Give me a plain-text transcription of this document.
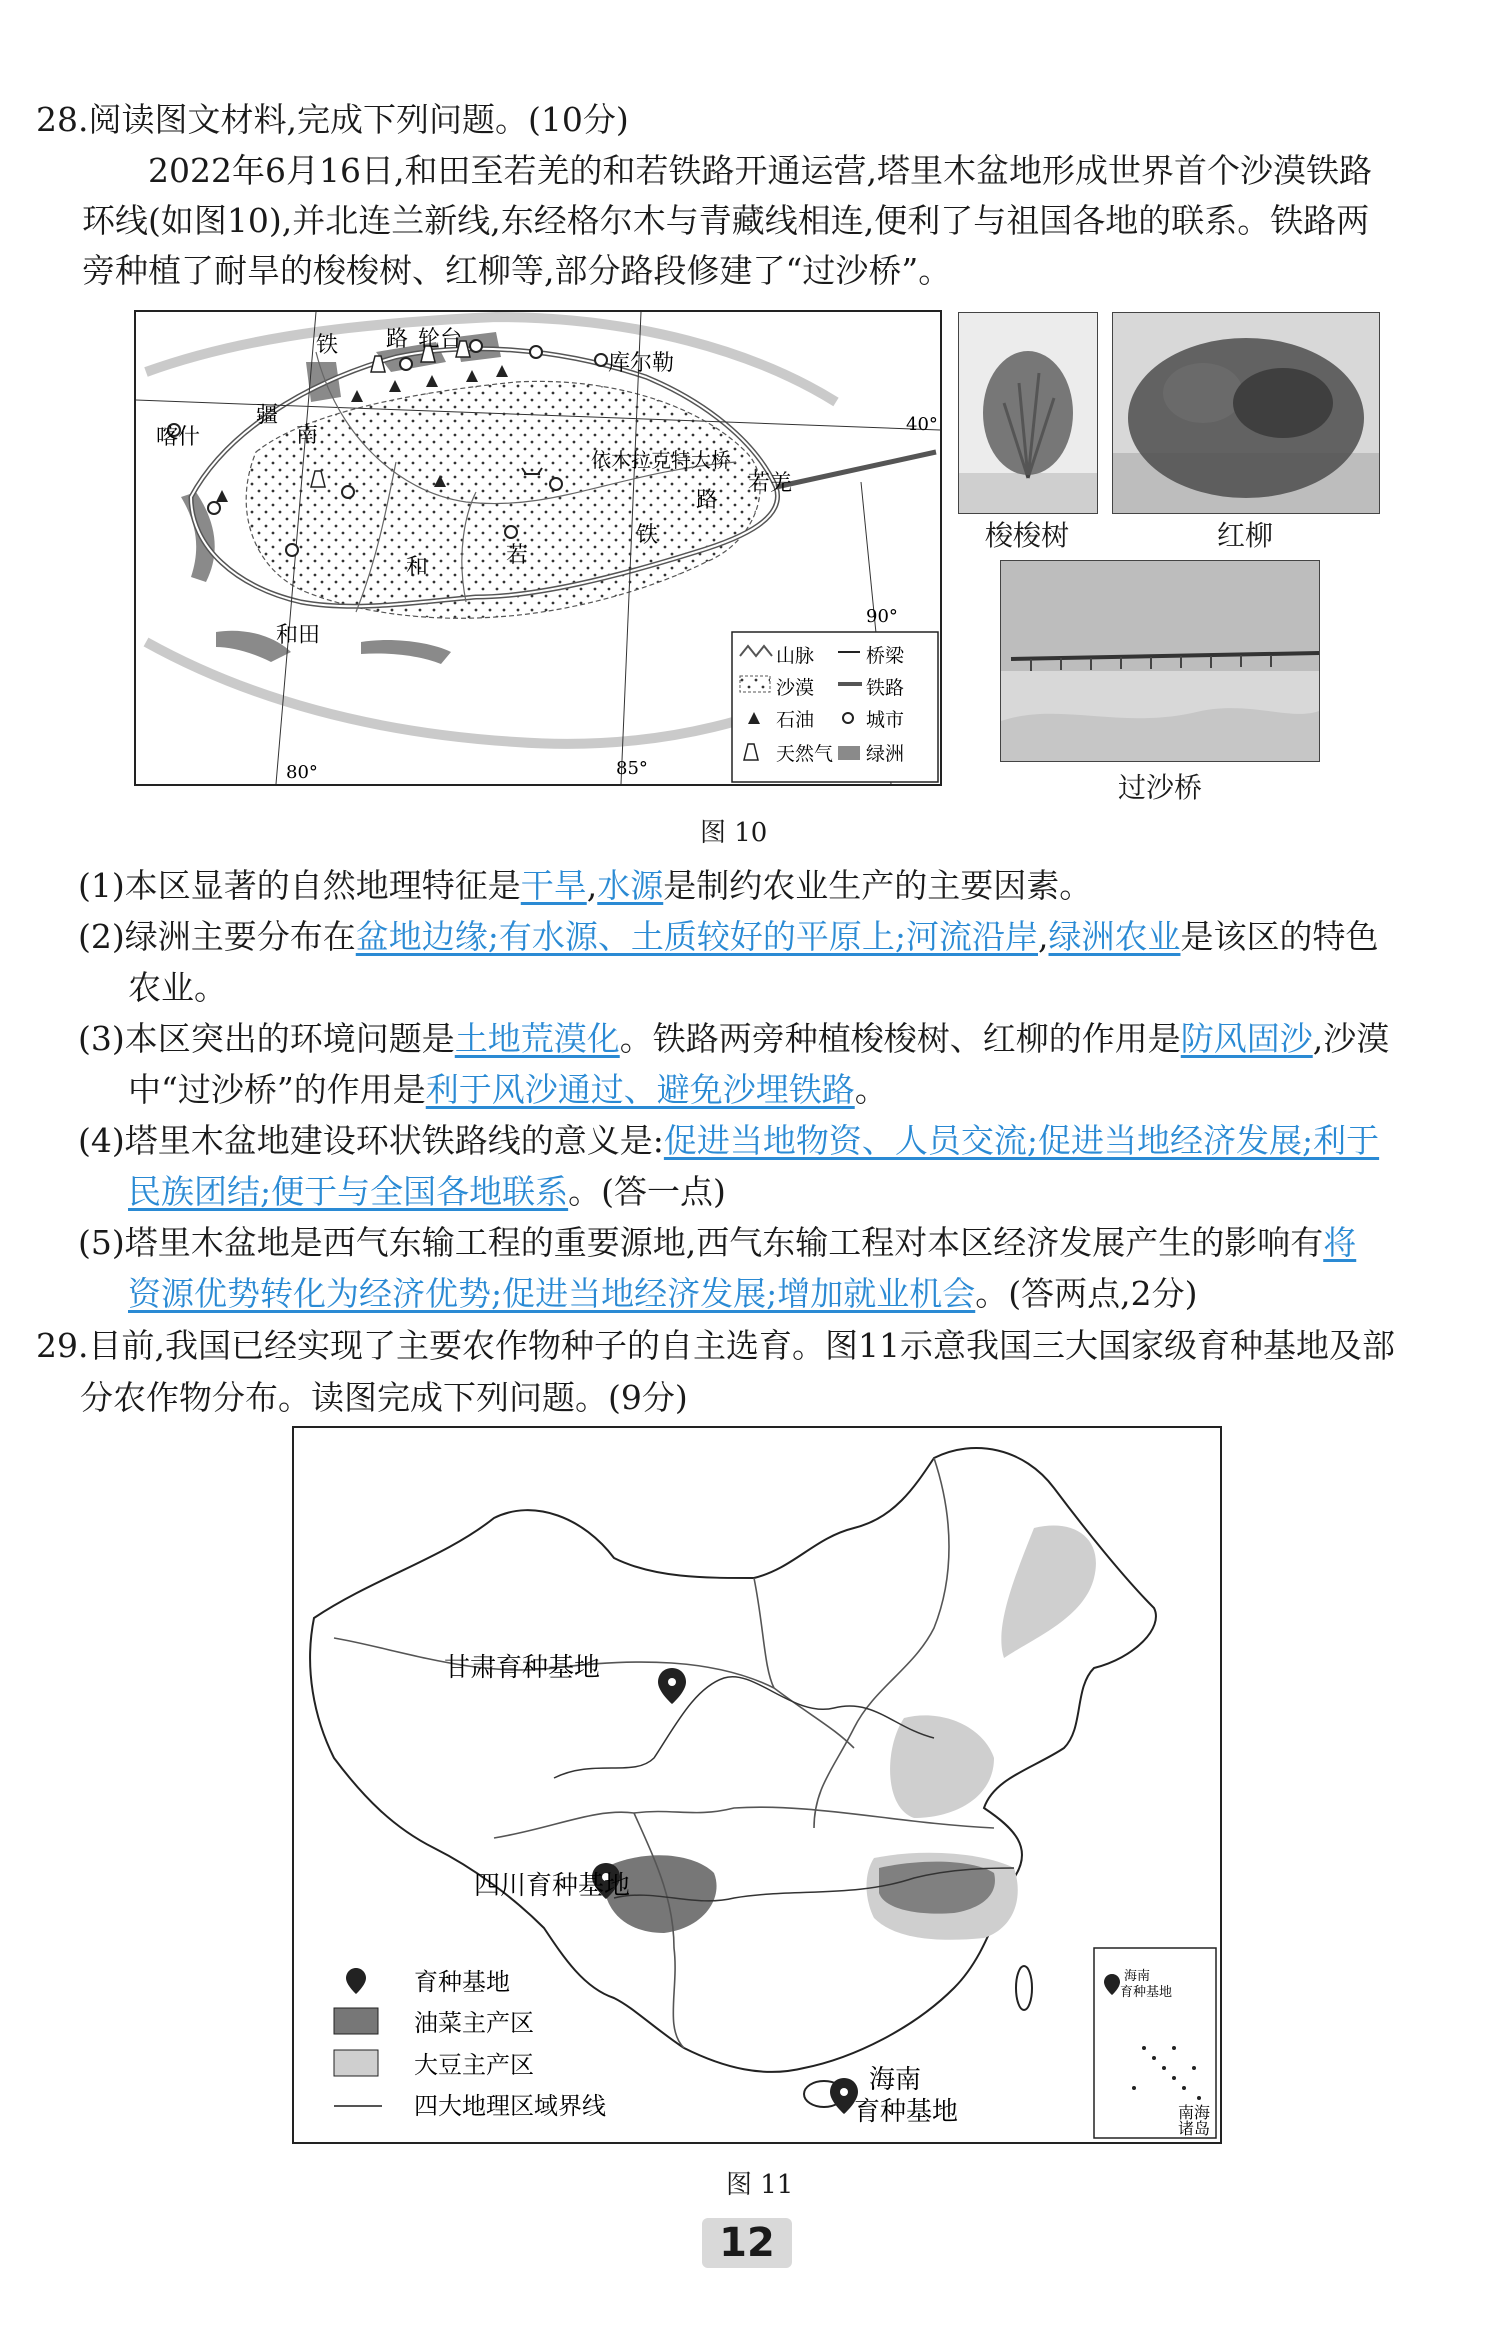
28.阅读图文材料,完成下列问题。(10分)
2022年6月16日,和田至若羌的和若铁路开通运营,塔里木盆地形成世界首个沙漠铁路
环线(如图10),并北连兰新线,东经格尔木与青藏线相连,便利了与祖国各地的联系。铁路两
旁种植了耐旱的梭梭树、红柳等,部分路段修建了“过沙桥”。
轮台
库尔勒
喀什
若羌
和田
铁 路
疆
南
路
铁
若
和
依木拉克特大桥
40°
80°	85°
90°
山脉	桥梁
沙漠	铁路
石油	城市
天然气 绿洲
梭梭树	红柳
过沙桥
图 10
(1)本区显著的自然地理特征是干旱,水源是制约农业生产的主要因素。
(2)绿洲主要分布在盆地边缘;有水源、土质较好的平原上;河流沿岸,绿洲农业是该区的特色
农业。
(3)本区突出的环境问题是土地荒漠化。铁路两旁种植梭梭树、红柳的作用是防风固沙,沙漠
中“过沙桥”的作用是利于风沙通过、避免沙埋铁路。
(4)塔里木盆地建设环状铁路线的意义是:促进当地物资、人员交流;促进当地经济发展;利于
民族团结;便于与全国各地联系。(答一点)
(5)塔里木盆地是西气东输工程的重要源地,西气东输工程对本区经济发展产生的影响有将
资源优势转化为经济优势;促进当地经济发展;增加就业机会。(答两点,2分)
29.目前,我国已经实现了主要农作物种子的自主选育。图11示意我国三大国家级育种基地及部
分农作物分布。读图完成下列问题。(9分)
甘肃育种基地
四川育种基地
海南
育种基地
育种基地
油菜主产区
大豆主产区
四大地理区域界线
海南
育种基地
南海
诸岛
图 11
12
